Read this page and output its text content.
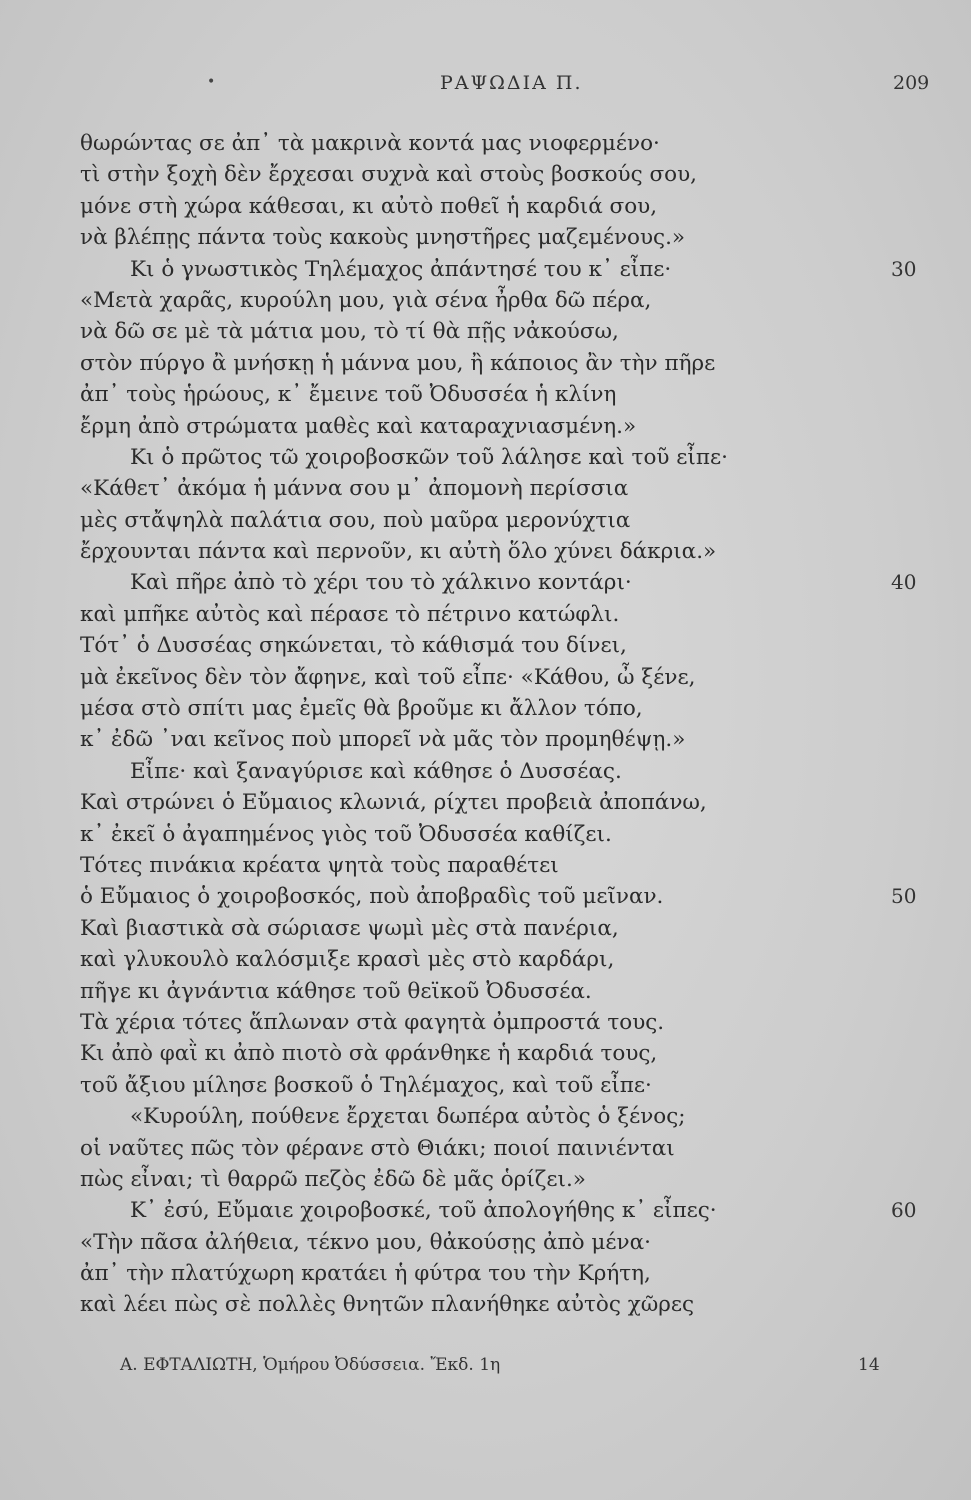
•	ΡΑΨΩΔΙΑ Π.	209
θωρώντας σε ἀπ᾽ τὰ μακρινὰ κοντά μας νιοφερμένο·
τὶ στὴν ξοχὴ δὲν ἔρχεσαι συχνὰ καὶ στοὺς βοσκούς σου,
μόνε στὴ χώρα κάθεσαι, κι αὐτὸ ποθεῖ ἡ καρδιά σου,
νὰ βλέπῃς πάντα τοὺς κακοὺς μνηστῆρες μαζεμένους.»
Κι ὁ γνωστικὸς Τηλέμαχος ἀπάντησέ του κ᾽ εἶπε·	30
«Μετὰ χαρᾶς, κυρούλη μου, γιὰ σένα ἦρθα δῶ πέρα,
νὰ δῶ σε μὲ τὰ μάτια μου, τὸ τί θὰ πῇς νἀκούσω,
στὸν πύργο ἂ μνήσκῃ ἡ μάννα μου, ἢ κάποιος ἂν τὴν πῆρε
ἀπ᾽ τοὺς ἡρώους, κ᾽ ἔμεινε τοῦ Ὀδυσσέα ἡ κλίνη
ἔρμη ἀπὸ στρώματα μαθὲς καὶ καταραχνιασμένη.»
Κι ὁ πρῶτος τῶ χοιροβοσκῶν τοῦ λάλησε καὶ τοῦ εἶπε·
«Κάθετ᾽ ἀκόμα ἡ μάννα σου μ᾽ ἀπομονὴ περίσσια
μὲς στἄψηλὰ παλάτια σου, ποὺ μαῦρα μερονύχτια
ἔρχουνται πάντα καὶ περνοῦν, κι αὐτὴ ὅλο χύνει δάκρια.»
Καὶ πῆρε ἀπὸ τὸ χέρι του τὸ χάλκινο κοντάρι·	40
καὶ μπῆκε αὐτὸς καὶ πέρασε τὸ πέτρινο κατώφλι.
Τότ᾽ ὁ Δυσσέας σηκώνεται, τὸ κάθισμά του δίνει,
μὰ ἐκεῖνος δὲν τὸν ἄφηνε, καὶ τοῦ εἶπε· «Κάθου, ὦ ξένε,
μέσα στὸ σπίτι μας ἐμεῖς θὰ βροῦμε κι ἄλλον τόπο,
κ᾽ ἐδῶ ᾽ναι κεῖνος ποὺ μπορεῖ νὰ μᾶς τὸν προμηθέψῃ.»
Εἶπε· καὶ ξαναγύρισε καὶ κάθησε ὁ Δυσσέας.
Καὶ στρώνει ὁ Εὔμαιος κλωνιά, ρίχτει προβειὰ ἀποπάνω,
κ᾽ ἐκεῖ ὁ ἀγαπημένος γιὸς τοῦ Ὀδυσσέα καθίζει.
Τότες πινάκια κρέατα ψητὰ τοὺς παραθέτει
ὁ Εὔμαιος ὁ χοιροβοσκός, ποὺ ἀποβραδὶς τοῦ μεῖναν.	50
Καὶ βιαστικὰ σὰ σώριασε ψωμὶ μὲς στὰ πανέρια,
καὶ γλυκουλὸ καλόσμιξε κρασὶ μὲς στὸ καρδάρι,
πῆγε κι ἀγνάντια κάθησε τοῦ θεϊκοῦ Ὀδυσσέα.
Τὰ χέρια τότες ἅπλωναν στὰ φαγητὰ ὀμπροστά τους.
Κι ἀπὸ φαῒ κι ἀπὸ πιοτὸ σὰ φράνθηκε ἡ καρδιά τους,
τοῦ ἄξιου μίλησε βοσκοῦ ὁ Τηλέμαχος, καὶ τοῦ εἶπε·
«Κυρούλη, πούθενε ἔρχεται δωπέρα αὐτὸς ὁ ξένος;
οἱ ναῦτες πῶς τὸν φέρανε στὸ Θιάκι; ποιοί παινιένται
πὼς εἶναι; τὶ θαρρῶ πεζὸς ἐδῶ δὲ μᾶς ὁρίζει.»
Κ᾽ ἐσύ, Εὔμαιε χοιροβοσκέ, τοῦ ἀπολογήθης κ᾽ εἶπες·	60
«Τὴν πᾶσα ἀλήθεια, τέκνο μου, θἀκούσῃς ἀπὸ μένα·
ἀπ᾽ τὴν πλατύχωρη κρατάει ἡ φύτρα του τὴν Κρήτη,
καὶ λέει πὼς σὲ πολλὲς θνητῶν πλανήθηκε αὐτὸς χῶρες
Α. ΕΦΤΑΛΙΩΤΗ, Ὁμήρου Ὀδύσσεια. Ἔκδ. 1η	14
